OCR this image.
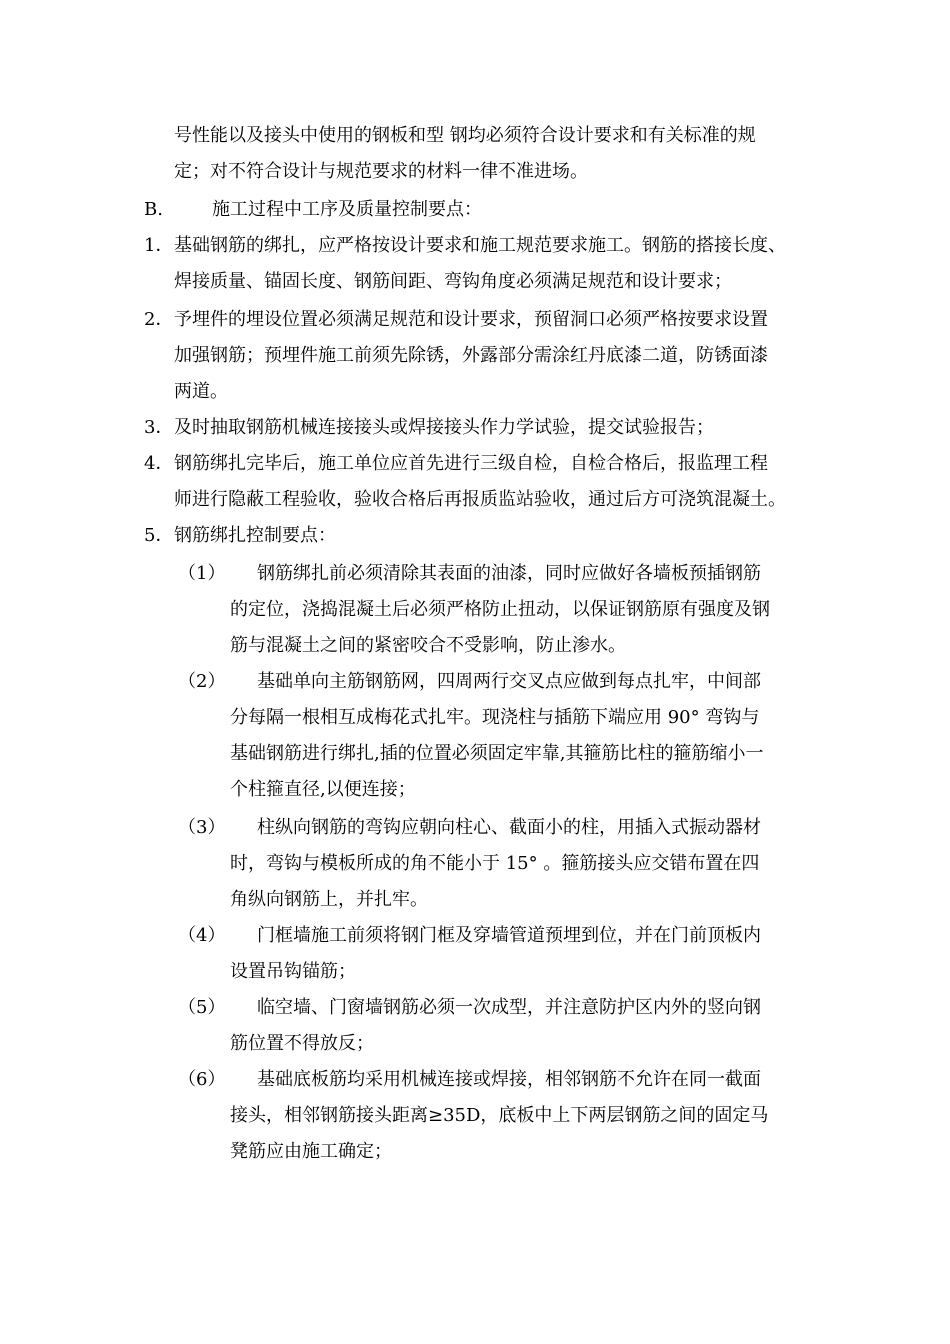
号性能以及接头中使用的钢板和型 钢均必须符合设计要求和有关标准的规
定；对不符合设计与规范要求的材料一律不准进场。
B.	施工过程中工序及质量控制要点：
1． 基础钢筋的绑扎，应严格按设计要求和施工规范要求施工。钢筋的搭接长度、
焊接质量、锚固长度、钢筋间距、弯钩角度必须满足规范和设计要求；
2． 予埋件的埋设位置必须满足规范和设计要求，预留洞口必须严格按要求设置
加强钢筋；预埋件施工前须先除锈，外露部分需涂红丹底漆二道，防锈面漆
两道。
3． 及时抽取钢筋机械连接接头或焊接接头作力学试验，提交试验报告；
4． 钢筋绑扎完毕后，施工单位应首先进行三级自检，自检合格后，报监理工程
师进行隐蔽工程验收，验收合格后再报质监站验收，通过后方可浇筑混凝土。
5． 钢筋绑扎控制要点：
（1） 钢筋绑扎前必须清除其表面的油漆，同时应做好各墙板预插钢筋
的定位，浇捣混凝土后必须严格防止扭动，以保证钢筋原有强度及钢
筋与混凝土之间的紧密咬合不受影响，防止渗水。
（2） 基础单向主筋钢筋网，四周两行交叉点应做到每点扎牢，中间部
分每隔一根相互成梅花式扎牢。现浇柱与插筋下端应用 90° 弯钩与
基础钢筋进行绑扎,插的位置必须固定牢靠,其箍筋比柱的箍筋缩小一
个柱箍直径,以便连接；
（3） 柱纵向钢筋的弯钩应朝向柱心、截面小的柱，用插入式振动器材
时，弯钩与模板所成的角不能小于 15° 。箍筋接头应交错布置在四
角纵向钢筋上，并扎牢。
（4） 门框墙施工前须将钢门框及穿墙管道预埋到位，并在门前顶板内
设置吊钩锚筋；
（5） 临空墙、门窗墙钢筋必须一次成型，并注意防护区内外的竖向钢
筋位置不得放反；
（6） 基础底板筋均采用机械连接或焊接，相邻钢筋不允许在同一截面
接头，相邻钢筋接头距离≥35D，底板中上下两层钢筋之间的固定马
凳筋应由施工确定；
